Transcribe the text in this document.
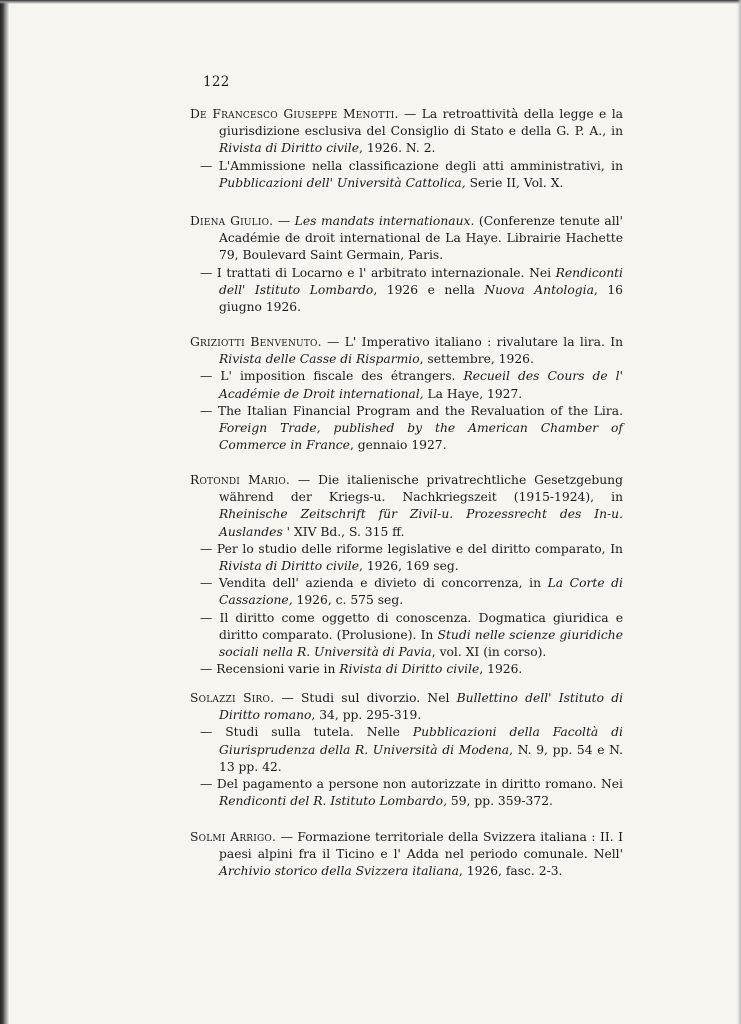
122

De Francesco Giuseppe Menotti. — La retroattività della legge e la giurisdizione esclusiva del Consiglio di Stato e della G. P. A., in Rivista di Diritto civile, 1926. N. 2.

— L'Ammissione nella classificazione degli atti amministrativi, in Pubblicazioni dell' Università Cattolica, Serie II, Vol. X.

Diena Giulio. — Les mandats internationaux. (Conferenze tenute all' Académie de droit international de La Haye. Librairie Hachette 79, Boulevard Saint Germain, Paris.

— I trattati di Locarno e l' arbitrato internazionale. Nei Rendiconti dell' Istituto Lombardo, 1926 e nella Nuova Antologia, 16 giugno 1926.

Griziotti Benvenuto. — L' Imperativo italiano : rivalutare la lira. In Rivista delle Casse di Risparmio, settembre, 1926.

— L' imposition fiscale des étrangers. Recueil des Cours de l' Académie de Droit international, La Haye, 1927.

— The Italian Financial Program and the Revaluation of the Lira. Foreign Trade, published by the American Chamber of Commerce in France, gennaio 1927.

Rotondi Mario. — Die italienische privatrechtliche Gesetzgebung während der Kriegs-u. Nachkriegszeit (1915-1924), in Rheinische Zeitschrift für Zivil-u. Prozessrecht des In-u. Auslandes ' XIV Bd., S. 315 ff.

— Per lo studio delle riforme legislative e del diritto comparato, In Rivista di Diritto civile, 1926, 169 seg.

— Vendita dell' azienda e divieto di concorrenza, in La Corte di Cassazione, 1926, c. 575 seg.

— Il diritto come oggetto di conoscenza. Dogmatica giuridica e diritto comparato. (Prolusione). In Studi nelle scienze giuridiche sociali nella R. Università di Pavia, vol. XI (in corso).

— Recensioni varie in Rivista di Diritto civile, 1926.

Solazzi Siro. — Studi sul divorzio. Nel Bullettino dell' Istituto di Diritto romano, 34, pp. 295-319.

— Studi sulla tutela. Nelle Pubblicazioni della Facoltà di Giurisprudenza della R. Università di Modena, N. 9, pp. 54 e N. 13 pp. 42.

— Del pagamento a persone non autorizzate in diritto romano. Nei Rendiconti del R. Istituto Lombardo, 59, pp. 359-372.

Solmi Arrigo. — Formazione territoriale della Svizzera italiana : II. I paesi alpini fra il Ticino e l' Adda nel periodo comunale. Nell' Archivio storico della Svizzera italiana, 1926, fasc. 2-3.
